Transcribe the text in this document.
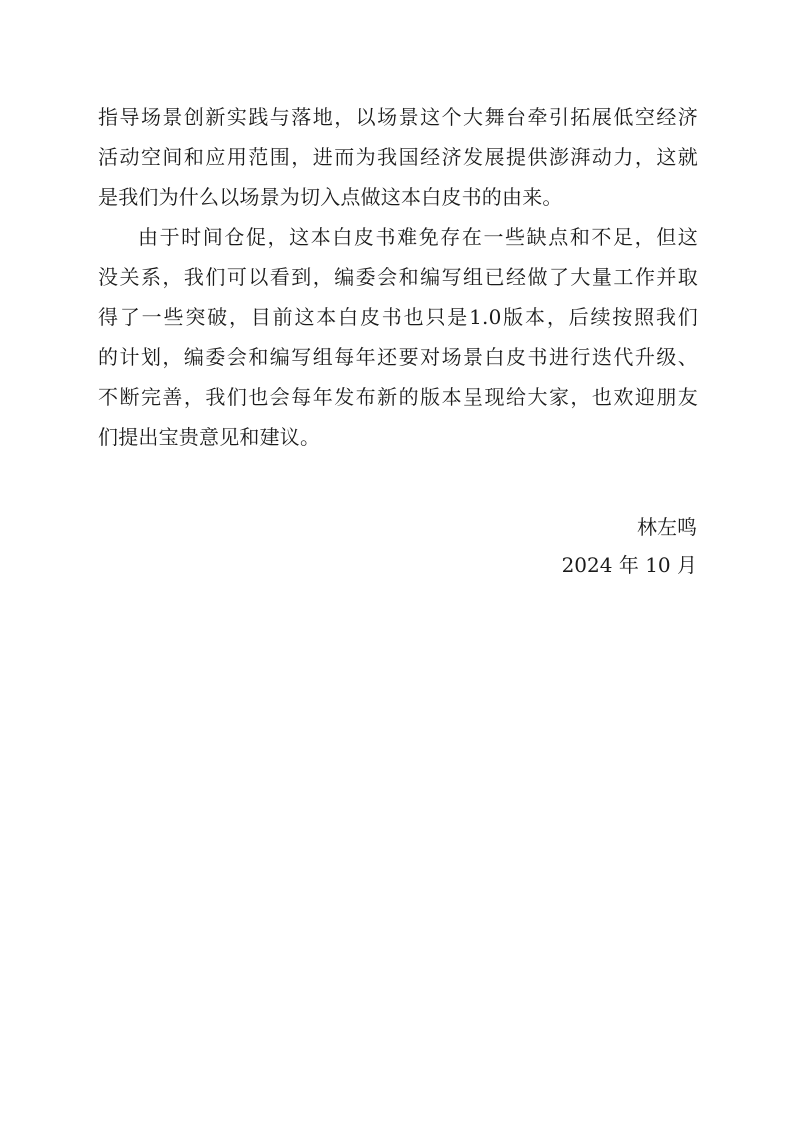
指导场景创新实践与落地，以场景这个大舞台牵引拓展低空经济
活动空间和应用范围，进而为我国经济发展提供澎湃动力，这就
是我们为什么以场景为切入点做这本白皮书的由来。
由于时间仓促，这本白皮书难免存在一些缺点和不足，但这
没关系，我们可以看到，编委会和编写组已经做了大量工作并取
得了一些突破，目前这本白皮书也只是1.0版本，后续按照我们
的计划，编委会和编写组每年还要对场景白皮书进行迭代升级、
不断完善，我们也会每年发布新的版本呈现给大家，也欢迎朋友
们提出宝贵意见和建议。
林左鸣
2024 年 10 月
